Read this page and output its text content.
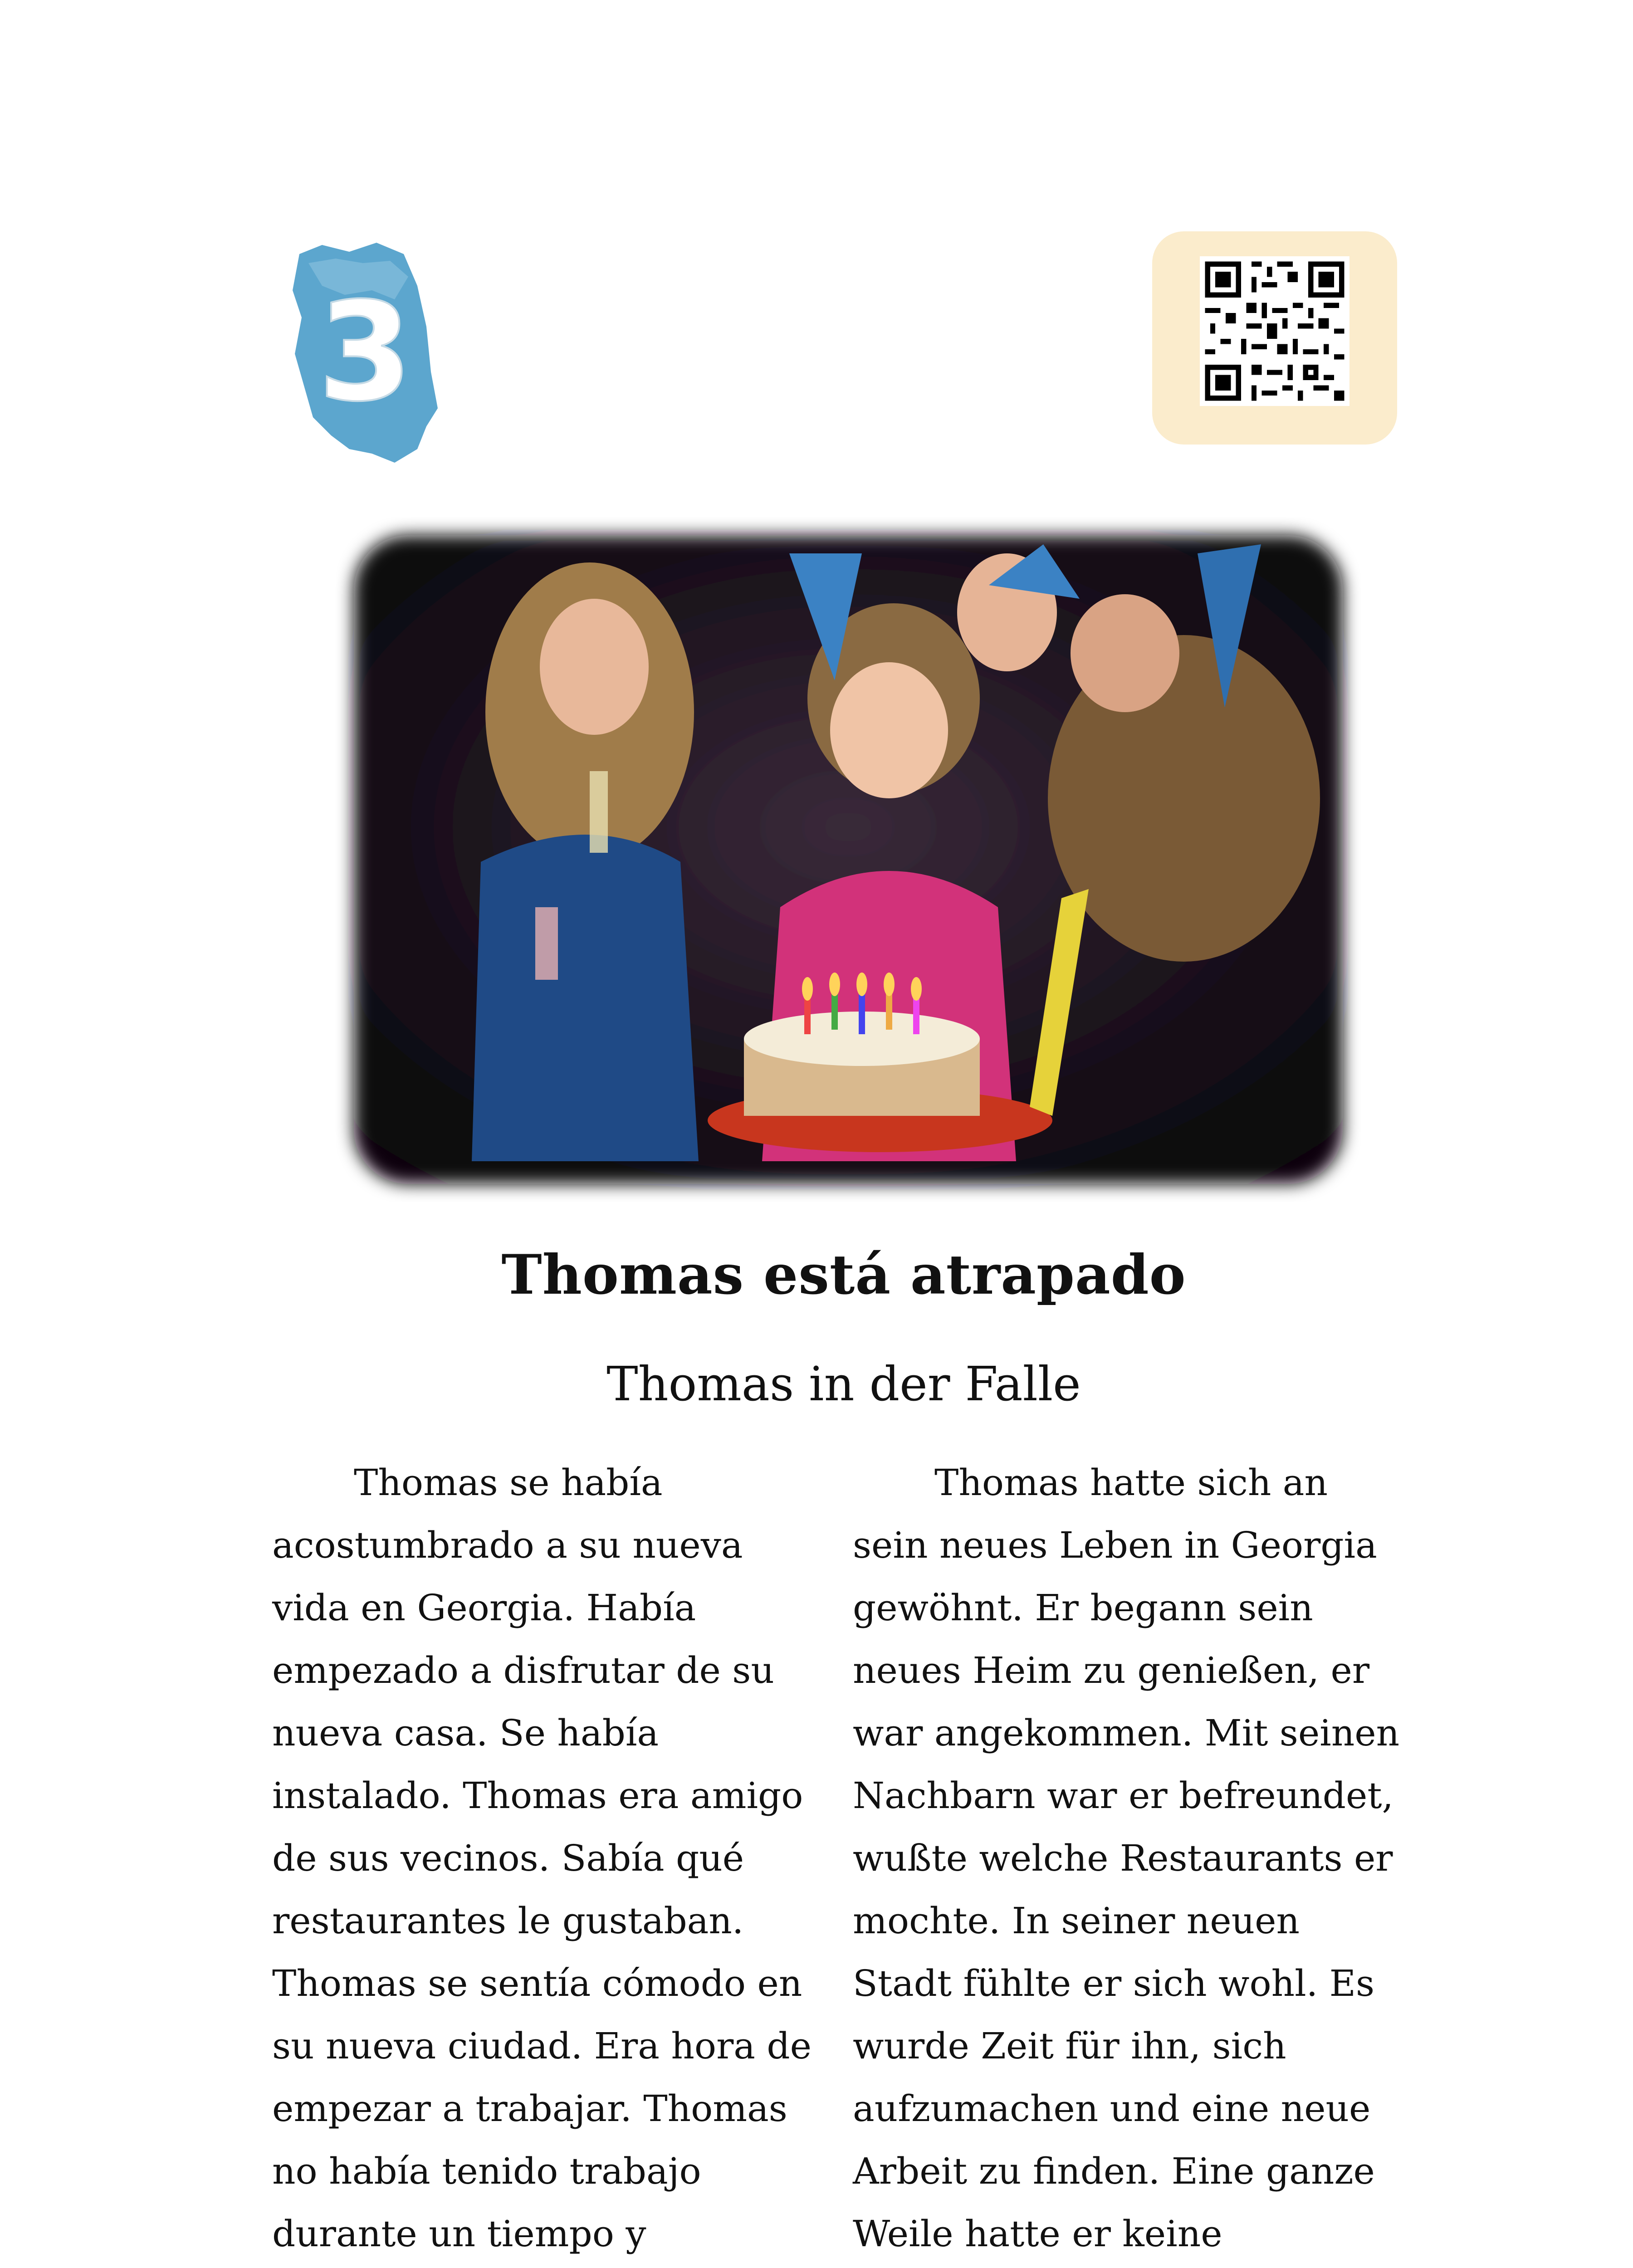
3
Thomas está atrapado
Thomas in der Falle

Thomas se había acostumbrado a su nueva vida en Georgia. Había empezado a disfrutar de su nueva casa. Se había instalado. Thomas era amigo de sus vecinos. Sabía qué restaurantes le gustaban. Thomas se sentía cómodo en su nueva ciudad. Era hora de empezar a trabajar. Thomas no había tenido trabajo durante un tiempo y

Thomas hatte sich an sein neues Leben in Georgia gewöhnt. Er begann sein neues Heim zu genießen, er war angekommen. Mit seinen Nachbarn war er befreundet, wußte welche Restaurants er mochte. In seiner neuen Stadt fühlte er sich wohl. Es wurde Zeit für ihn, sich aufzumachen und eine neue Arbeit zu finden. Eine ganze Weile hatte er keine
